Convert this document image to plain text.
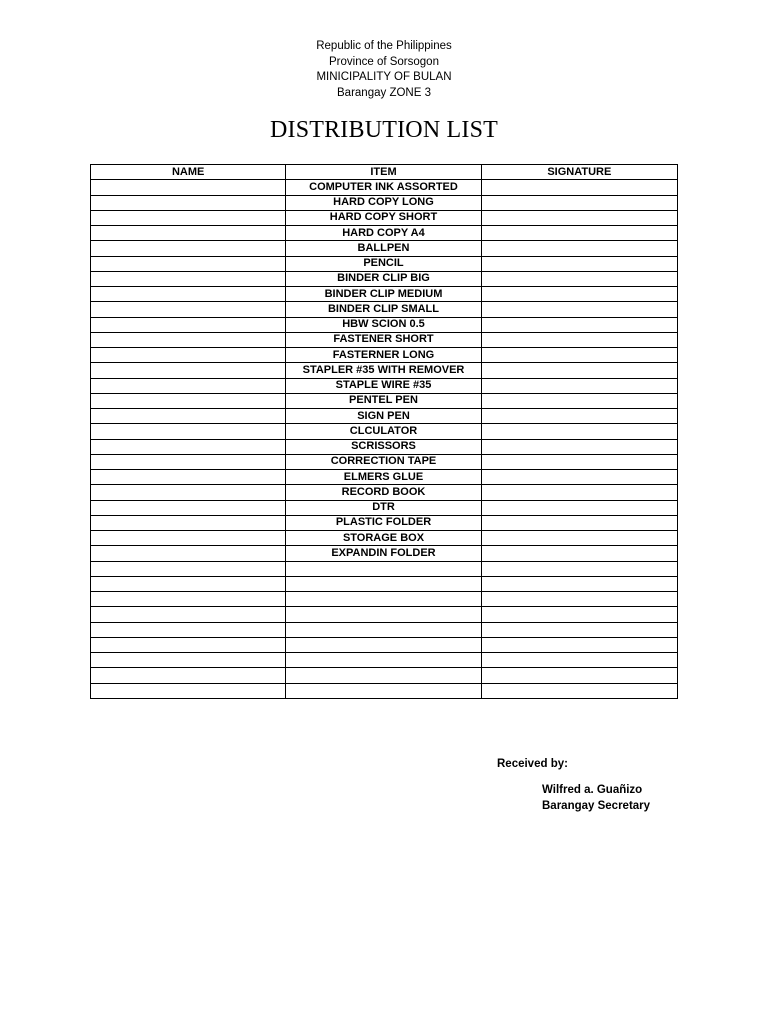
Republic of the Philippines
Province of Sorsogon
MINICIPALITY OF BULAN
Barangay ZONE 3
DISTRIBUTION LIST
NAME	ITEM	SIGNATURE
	COMPUTER INK ASSORTED	
	HARD COPY LONG	
	HARD COPY SHORT	
	HARD COPY A4	
	BALLPEN	
	PENCIL	
	BINDER CLIP BIG	
	BINDER CLIP MEDIUM	
	BINDER CLIP SMALL	
	HBW SCION 0.5	
	FASTENER SHORT	
	FASTERNER LONG	
	STAPLER #35 WITH REMOVER	
	STAPLE WIRE #35	
	PENTEL PEN	
	SIGN PEN	
	CLCULATOR	
	SCRISSORS	
	CORRECTION TAPE	
	ELMERS GLUE	
	RECORD BOOK	
	DTR	
	PLASTIC FOLDER	
	STORAGE BOX	
	EXPANDIN FOLDER	

Received by:
Wilfred a. Guañizo
Barangay Secretary
